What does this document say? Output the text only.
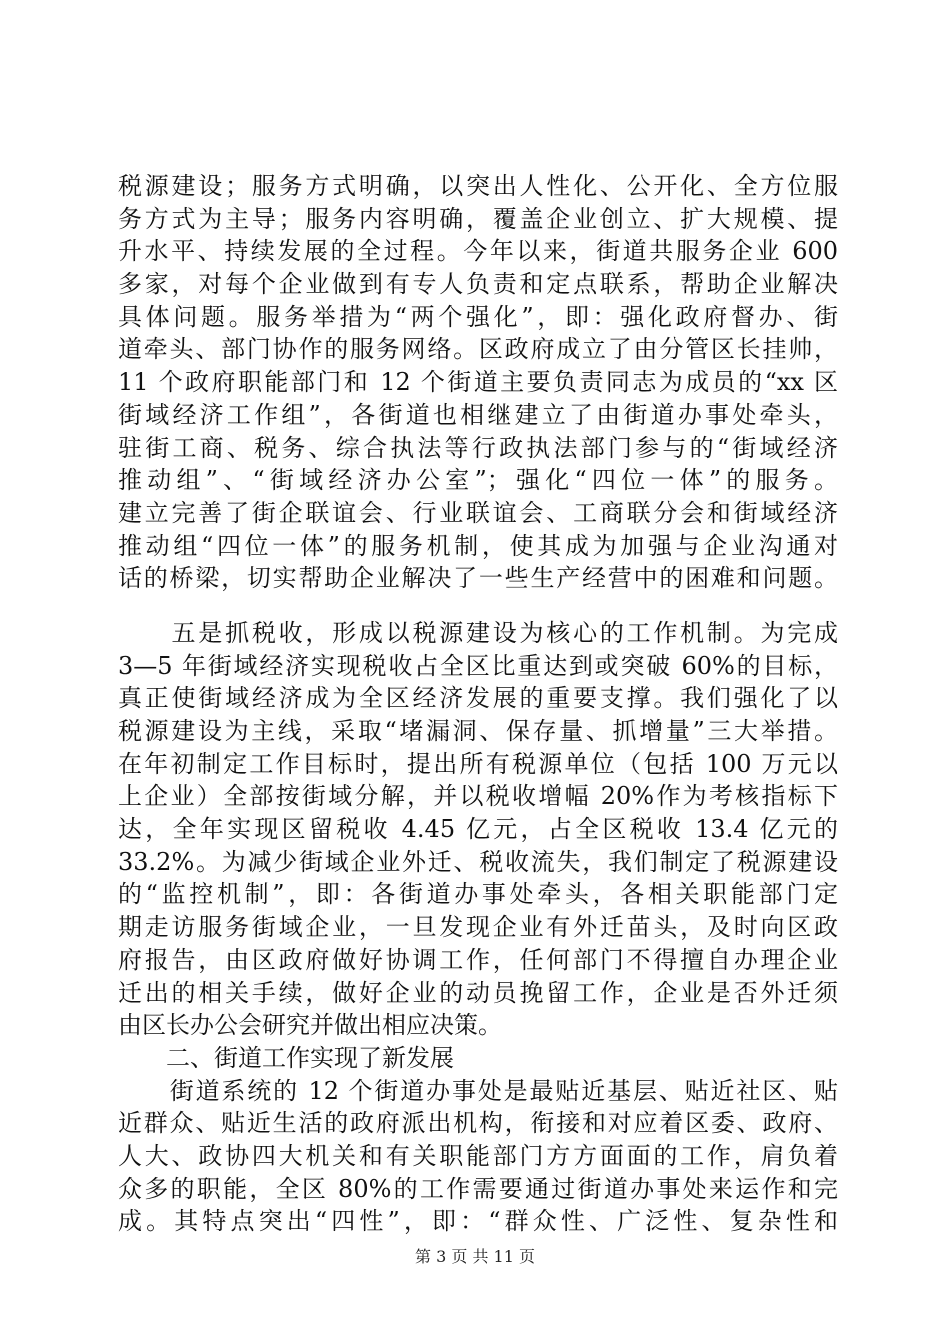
税源建设；服务方式明确，以突出人性化、公开化、全方位服
务方式为主导；服务内容明确，覆盖企业创立、扩大规模、提
升水平、持续发展的全过程。今年以来，街道共服务企业 600
多家，对每个企业做到有专人负责和定点联系，帮助企业解决
具体问题。服务举措为“两个强化”，即：强化政府督办、街
道牵头、部门协作的服务网络。区政府成立了由分管区长挂帅，
11 个政府职能部门和 12 个街道主要负责同志为成员的“xx 区
街域经济工作组”，各街道也相继建立了由街道办事处牵头，
驻街工商、税务、综合执法等行政执法部门参与的“街域经济
推动组”、“街域经济办公室”；强化“四位一体”的服务。
建立完善了街企联谊会、行业联谊会、工商联分会和街域经济
推动组“四位一体”的服务机制，使其成为加强与企业沟通对
话的桥梁，切实帮助企业解决了一些生产经营中的困难和问题。
　　五是抓税收，形成以税源建设为核心的工作机制。为完成
3—5 年街域经济实现税收占全区比重达到或突破 60%的目标，
真正使街域经济成为全区经济发展的重要支撑。我们强化了以
税源建设为主线，采取“堵漏洞、保存量、抓增量”三大举措。
在年初制定工作目标时，提出所有税源单位（包括 100 万元以
上企业）全部按街域分解，并以税收增幅 20%作为考核指标下
达，全年实现区留税收 4.45 亿元，占全区税收 13.4 亿元的
33.2%。为减少街域企业外迁、税收流失，我们制定了税源建设
的“监控机制”，即：各街道办事处牵头，各相关职能部门定
期走访服务街域企业，一旦发现企业有外迁苗头，及时向区政
府报告，由区政府做好协调工作，任何部门不得擅自办理企业
迁出的相关手续，做好企业的动员挽留工作，企业是否外迁须
由区长办公会研究并做出相应决策。
　　二、街道工作实现了新发展
　　街道系统的 12 个街道办事处是最贴近基层、贴近社区、贴
近群众、贴近生活的政府派出机构，衔接和对应着区委、政府、
人大、政协四大机关和有关职能部门方方面面的工作，肩负着
众多的职能，全区 80%的工作需要通过街道办事处来运作和完
成。其特点突出“四性”，即：“群众性、广泛性、复杂性和
第 3 页 共 11 页
